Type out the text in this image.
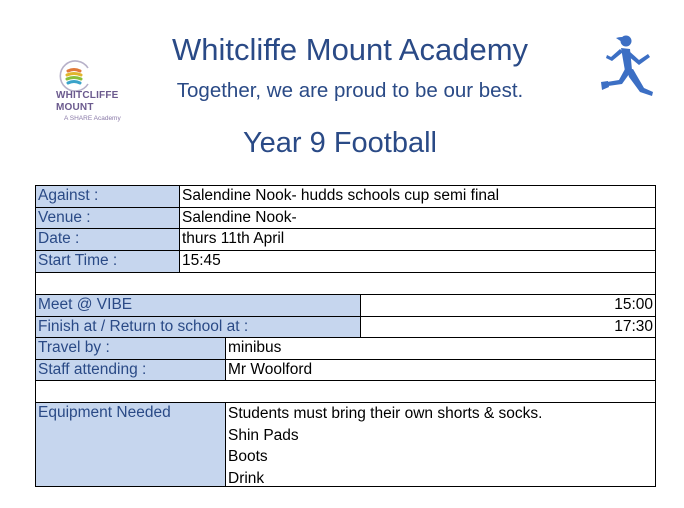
WHITCLIFFE
MOUNT
A SHARE Academy
Whitcliffe Mount Academy
Together, we are proud to be our best.
Year 9 Football
Against :	Salendine Nook- hudds schools cup semi final
Venue :	Salendine Nook-
Date :	thurs 11th April
Start Time :	15:45
Meet @ VIBE	15:00
Finish at / Return to school at :	17:30
Travel by :	minibus
Staff attending :	Mr Woolford
Equipment Needed	Students must bring their own shorts & socks.
Shin Pads
Boots
Drink
